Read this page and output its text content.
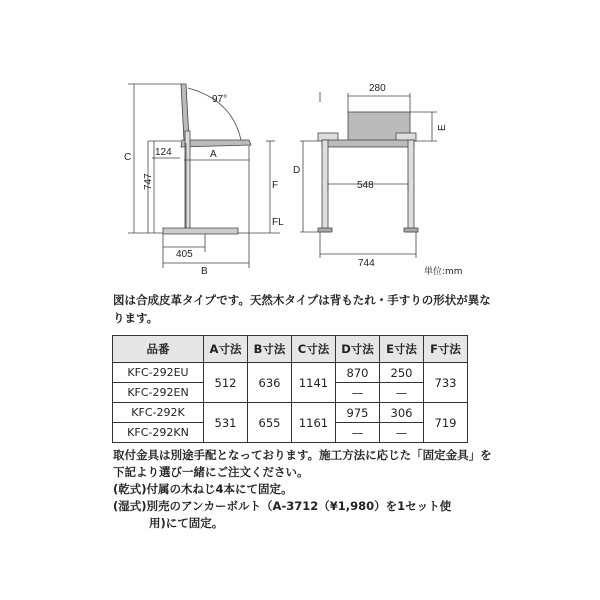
97°
C 124	A
747	F
FL
405
B
280
E
D
548
744
単位:mm
図は合成皮革タイプです。天然木タイプは背もたれ・手すりの形状が異なります。
品番	A寸法	B寸法	C寸法	D寸法	E寸法	F寸法
KFC-292EU	512	636	1141	870	250	733
KFC-292EN				—	—	
KFC-292K	531	655	1161	975	306	719
KFC-292KN				—	—	

取付金具は別途手配となっております。施工方法に応じた「固定金具」を下記より選び一緒にご注文ください。

(乾式)付属の木ねじ4本にて固定。

(湿式)別売のアンカーボルト（A-3712（¥1,980）を1セット使

用)にて固定。
